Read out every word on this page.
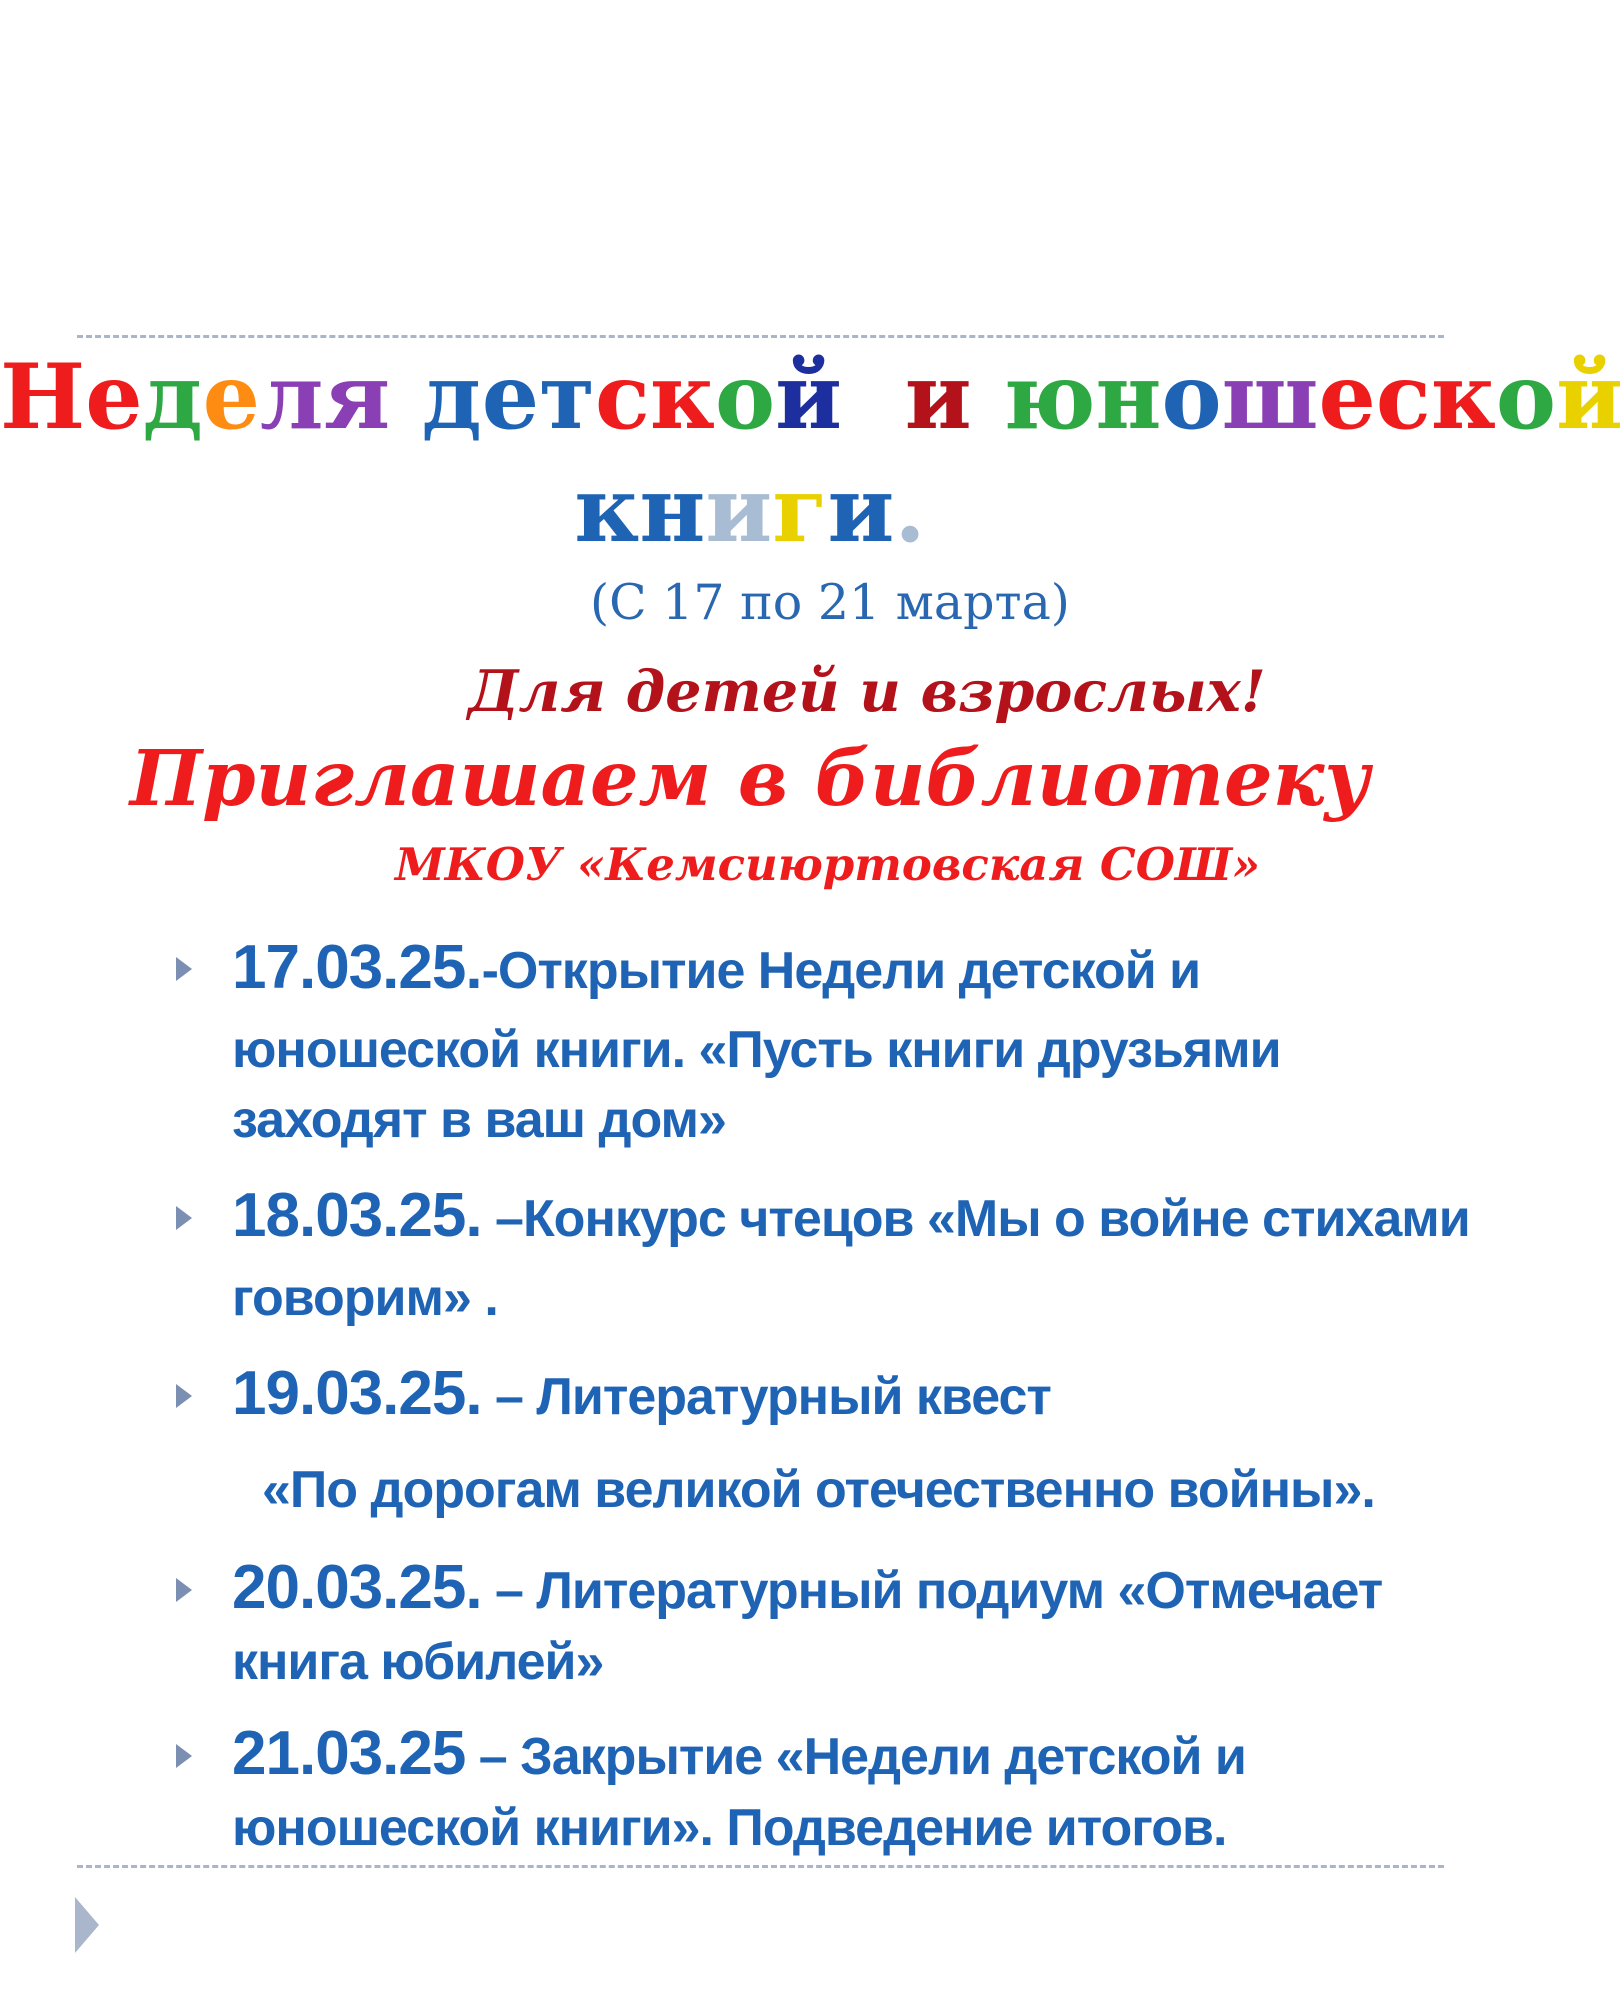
Неделя детской и юношеской
книги.
(С 17 по 21 марта)
Для детей и взрослых!
Приглашаем в библиотеку
МКОУ «Кемсиюртовская СОШ»
17.03.25.-Открытие Недели детской и
юношеской книги. «Пусть книги друзьями
заходят в ваш дом»
18.03.25. –Конкурс чтецов «Мы о войне стихами
говорим» .
19.03.25. – Литературный квест
«По дорогам великой отечественно войны».
20.03.25. – Литературный подиум «Отмечает
книга юбилей»
21.03.25 – Закрытие «Недели детской и
юношеской книги». Подведение итогов.
